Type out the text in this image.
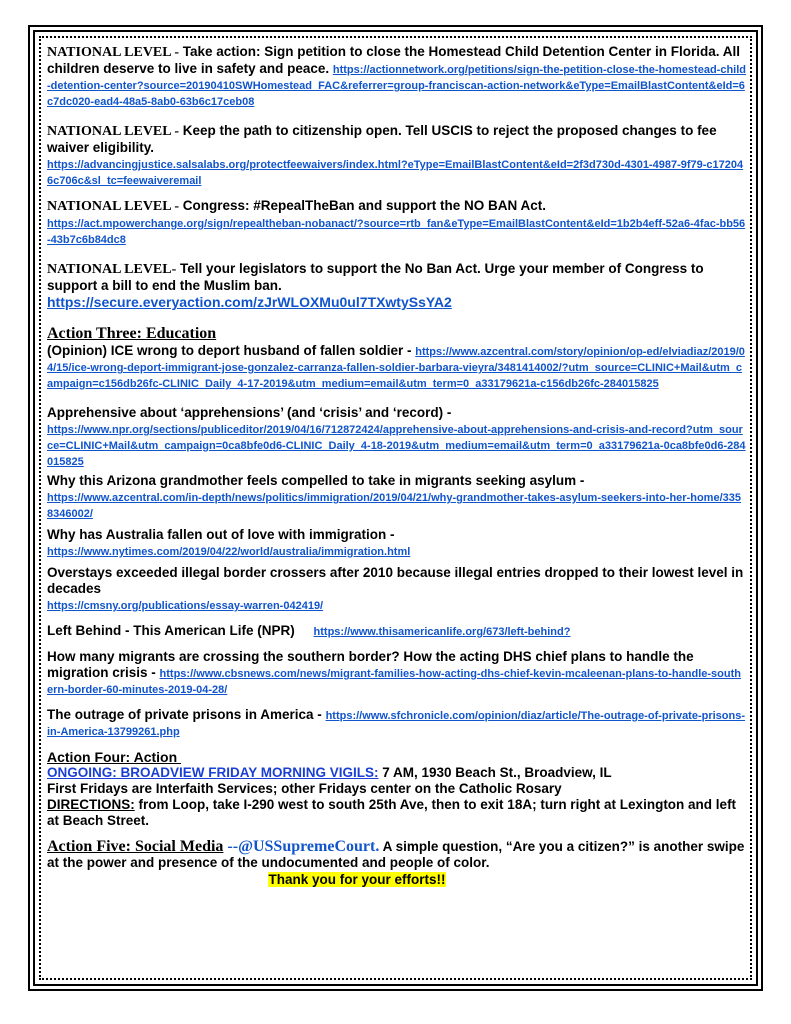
NATIONAL LEVEL - Take action: Sign petition to close the Homestead Child Detention Center in Florida. All children deserve to live in safety and peace. https://actionnetwork.org/petitions/sign-the-petition-close-the-homestead-child-detention-center?source=20190410SWHomestead_FAC&referrer=group-franciscan-action-network&eType=EmailBlastContent&eId=6c7dc020-ead4-48a5-8ab0-63b6c17ceb08
NATIONAL LEVEL - Keep the path to citizenship open. Tell USCIS to reject the proposed changes to fee waiver eligibility.
https://advancingjustice.salsalabs.org/protectfeewaivers/index.html?eType=EmailBlastContent&eId=2f3d730d-4301-4987-9f79-c172046c706c&sl_tc=feewaiveremail
NATIONAL LEVEL - Congress: #RepealTheBan and support the NO BAN Act.
https://act.mpowerchange.org/sign/repealtheban-nobanact/?source=rtb_fan&eType=EmailBlastContent&eId=1b2b4eff-52a6-4fac-bb56-43b7c6b84dc8
NATIONAL LEVEL- Tell your legislators to support the No Ban Act. Urge your member of Congress to support a bill to end the Muslim ban.
https://secure.everyaction.com/zJrWLOXMu0ul7TXwtySsYA2
Action Three: Education
(Opinion) ICE wrong to deport husband of fallen soldier - https://www.azcentral.com/story/opinion/op-ed/elviadiaz/2019/04/15/ice-wrong-deport-immigrant-jose-gonzalez-carranza-fallen-soldier-barbara-vieyra/3481414002/?utm_source=CLINIC+Mail&utm_campaign=c156db26fc-CLINIC_Daily_4-17-2019&utm_medium=email&utm_term=0_a33179621a-c156db26fc-284015825
Apprehensive about ‘apprehensions’ (and ‘crisis’ and ‘record) -
https://www.npr.org/sections/publiceditor/2019/04/16/712872424/apprehensive-about-apprehensions-and-crisis-and-record?utm_source=CLINIC+Mail&utm_campaign=0ca8bfe0d6-CLINIC_Daily_4-18-2019&utm_medium=email&utm_term=0_a33179621a-0ca8bfe0d6-284015825
Why this Arizona grandmother feels compelled to take in migrants seeking asylum -
https://www.azcentral.com/in-depth/news/politics/immigration/2019/04/21/why-grandmother-takes-asylum-seekers-into-her-home/3358346002/
Why has Australia fallen out of love with immigration -
https://www.nytimes.com/2019/04/22/world/australia/immigration.html
Overstays exceeded illegal border crossers after 2010 because illegal entries dropped to their lowest level in decades
https://cmsny.org/publications/essay-warren-042419/
Left Behind - This American Life (NPR)     https://www.thisamericanlife.org/673/left-behind?
How many migrants are crossing the southern border? How the acting DHS chief plans to handle the migration crisis - https://www.cbsnews.com/news/migrant-families-how-acting-dhs-chief-kevin-mcaleenan-plans-to-handle-southern-border-60-minutes-2019-04-28/
The outrage of private prisons in America - https://www.sfchronicle.com/opinion/diaz/article/The-outrage-of-private-prisons-in-America-13799261.php
Action Four: Action
ONGOING: BROADVIEW FRIDAY MORNING VIGILS: 7 AM, 1930 Beach St., Broadview, IL
First Fridays are Interfaith Services; other Fridays center on the Catholic Rosary
DIRECTIONS: from Loop, take I-290 west to south 25th Ave, then to exit 18A; turn right at Lexington and left at Beach Street.
Action Five: Social Media --@USSupremeCourt. A simple question, “Are you a citizen?” is another swipe at the power and presence of the undocumented and people of color.
Thank you for your efforts!!
